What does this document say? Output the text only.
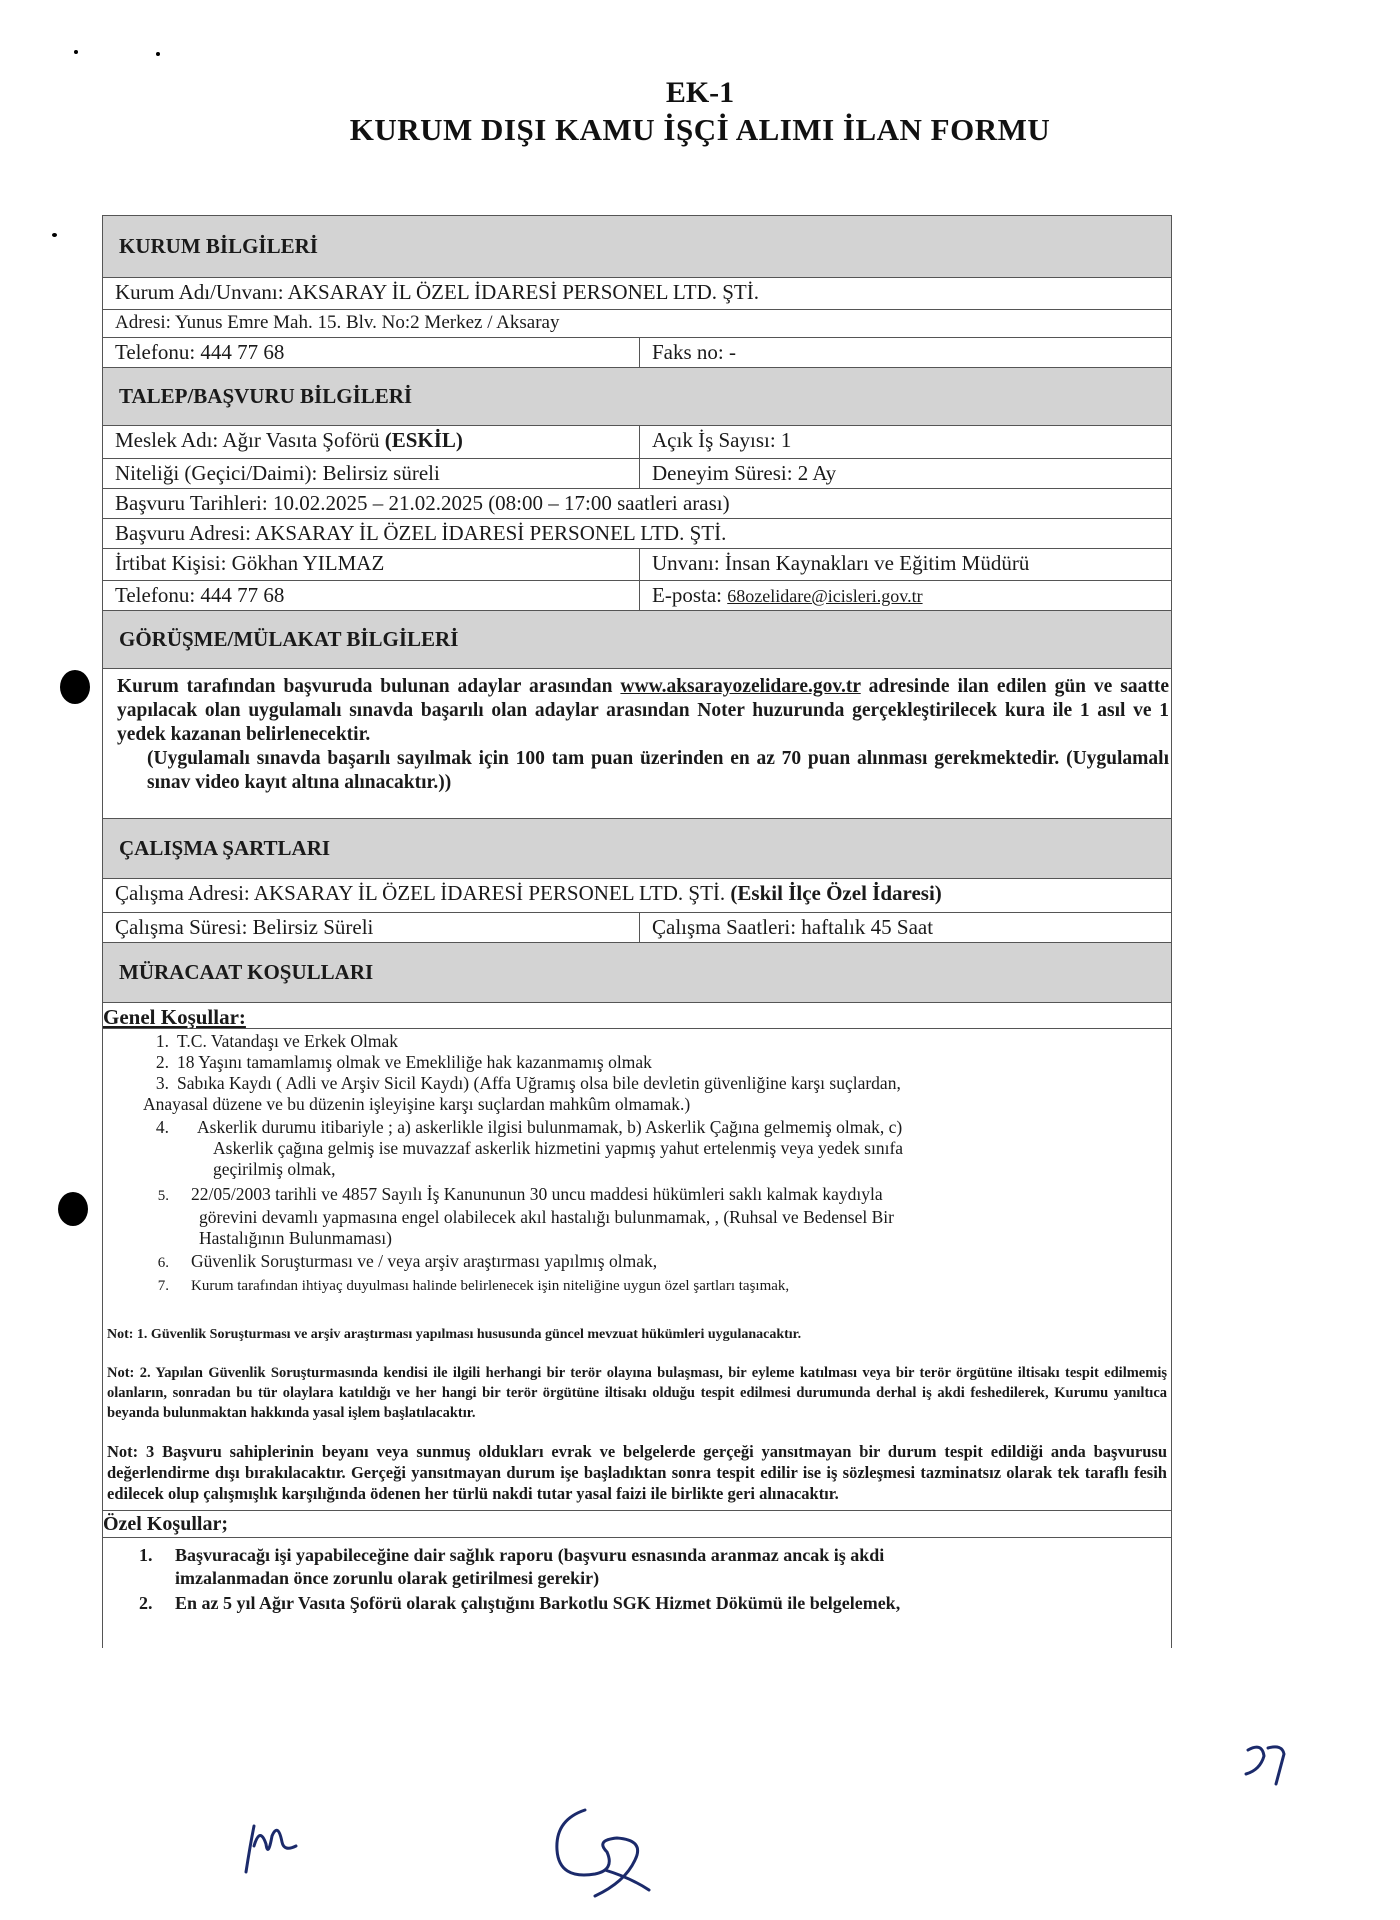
EK-1
KURUM DIŞI KAMU İŞÇİ ALIMI İLAN FORMU
KURUM BİLGİLERİ
Kurum Adı/Unvanı: AKSARAY İL ÖZEL İDARESİ PERSONEL LTD. ŞTİ.
Adresi: Yunus Emre Mah. 15. Blv. No:2 Merkez / Aksaray
Telefonu: 444 77 68	Faks no: -
TALEP/BAŞVURU BİLGİLERİ
Meslek Adı: Ağır Vasıta Şoförü (ESKİL)	Açık İş Sayısı: 1
Niteliği (Geçici/Daimi): Belirsiz süreli	Deneyim Süresi: 2 Ay
Başvuru Tarihleri: 10.02.2025 – 21.02.2025 (08:00 – 17:00 saatleri arası)
Başvuru Adresi: AKSARAY İL ÖZEL İDARESİ PERSONEL LTD. ŞTİ.
İrtibat Kişisi: Gökhan YILMAZ	Unvanı: İnsan Kaynakları ve Eğitim Müdürü
Telefonu: 444 77 68	E-posta: 68ozelidare@icisleri.gov.tr
GÖRÜŞME/MÜLAKAT BİLGİLERİ

Kurum tarafından başvuruda bulunan adaylar arasından www.aksarayozelidare.gov.tr adresinde ilan edilen gün ve saatte yapılacak olan uygulamalı sınavda başarılı olan adaylar arasından Noter huzurunda gerçekleştirilecek kura ile 1 asıl ve 1 yedek kazanan belirlenecektir.

(Uygulamalı sınavda başarılı sayılmak için 100 tam puan üzerinden en az 70 puan alınması gerekmektedir. (Uygulamalı sınav video kayıt altına alınacaktır.))

ÇALIŞMA ŞARTLARI
Çalışma Adresi: AKSARAY İL ÖZEL İDARESİ PERSONEL LTD. ŞTİ. (Eskil İlçe Özel İdaresi)
Çalışma Süresi: Belirsiz Süreli	Çalışma Saatleri: haftalık 45 Saat
MÜRACAAT KOŞULLARI
Genel Koşullar:
1. T.C. Vatandaşı ve Erkek Olmak
2. 18 Yaşını tamamlamış olmak ve Emekliliğe hak kazanmamış olmak
3. Sabıka Kaydı ( Adli ve Arşiv Sicil Kaydı) (Affa Uğramış olsa bile devletin güvenliğine karşı suçlardan,
Anayasal düzene ve bu düzenin işleyişine karşı suçlardan mahkûm olmamak.)
4. Askerlik durumu itibariyle ; a) askerlikle ilgisi bulunmamak, b) Askerlik Çağına gelmemiş olmak, c)
Askerlik çağına gelmiş ise muvazzaf askerlik hizmetini yapmış yahut ertelenmiş veya yedek sınıfa
geçirilmiş olmak,
5. 22/05/2003 tarihli ve 4857 Sayılı İş Kanununun 30 uncu maddesi hükümleri saklı kalmak kaydıyla
görevini devamlı yapmasına engel olabilecek akıl hastalığı bulunmamak, , (Ruhsal ve Bedensel Bir
Hastalığının Bulunmaması)
6. Güvenlik Soruşturması ve / veya arşiv araştırması yapılmış olmak,
7. Kurum tarafından ihtiyaç duyulması halinde belirlenecek işin niteliğine uygun özel şartları taşımak,

Not: 1. Güvenlik Soruşturması ve arşiv araştırması yapılması hususunda güncel mevzuat hükümleri uygulanacaktır.

Not: 2. Yapılan Güvenlik Soruşturmasında kendisi ile ilgili herhangi bir terör olayına bulaşması, bir eyleme katılması veya bir terör örgütüne iltisakı tespit edilmemiş olanların, sonradan bu tür olaylara katıldığı ve her hangi bir terör örgütüne iltisakı olduğu tespit edilmesi durumunda derhal iş akdi feshedilerek, Kurumu yanıltıca beyanda bulunmaktan hakkında yasal işlem başlatılacaktır.

Not: 3 Başvuru sahiplerinin beyanı veya sunmuş oldukları evrak ve belgelerde gerçeği yansıtmayan bir durum tespit edildiği anda başvurusu değerlendirme dışı bırakılacaktır. Gerçeği yansıtmayan durum işe başladıktan sonra tespit edilir ise iş sözleşmesi tazminatsız olarak tek taraflı fesih edilecek olup çalışmışlık karşılığında ödenen her türlü nakdi tutar yasal faizi ile birlikte geri alınacaktır.

Özel Koşullar;
1. Başvuracağı işi yapabileceğine dair sağlık raporu (başvuru esnasında aranmaz ancak iş akdi
imzalanmadan önce zorunlu olarak getirilmesi gerekir)
2. En az 5 yıl Ağır Vasıta Şoförü olarak çalıştığını Barkotlu SGK Hizmet Dökümü ile belgelemek,
